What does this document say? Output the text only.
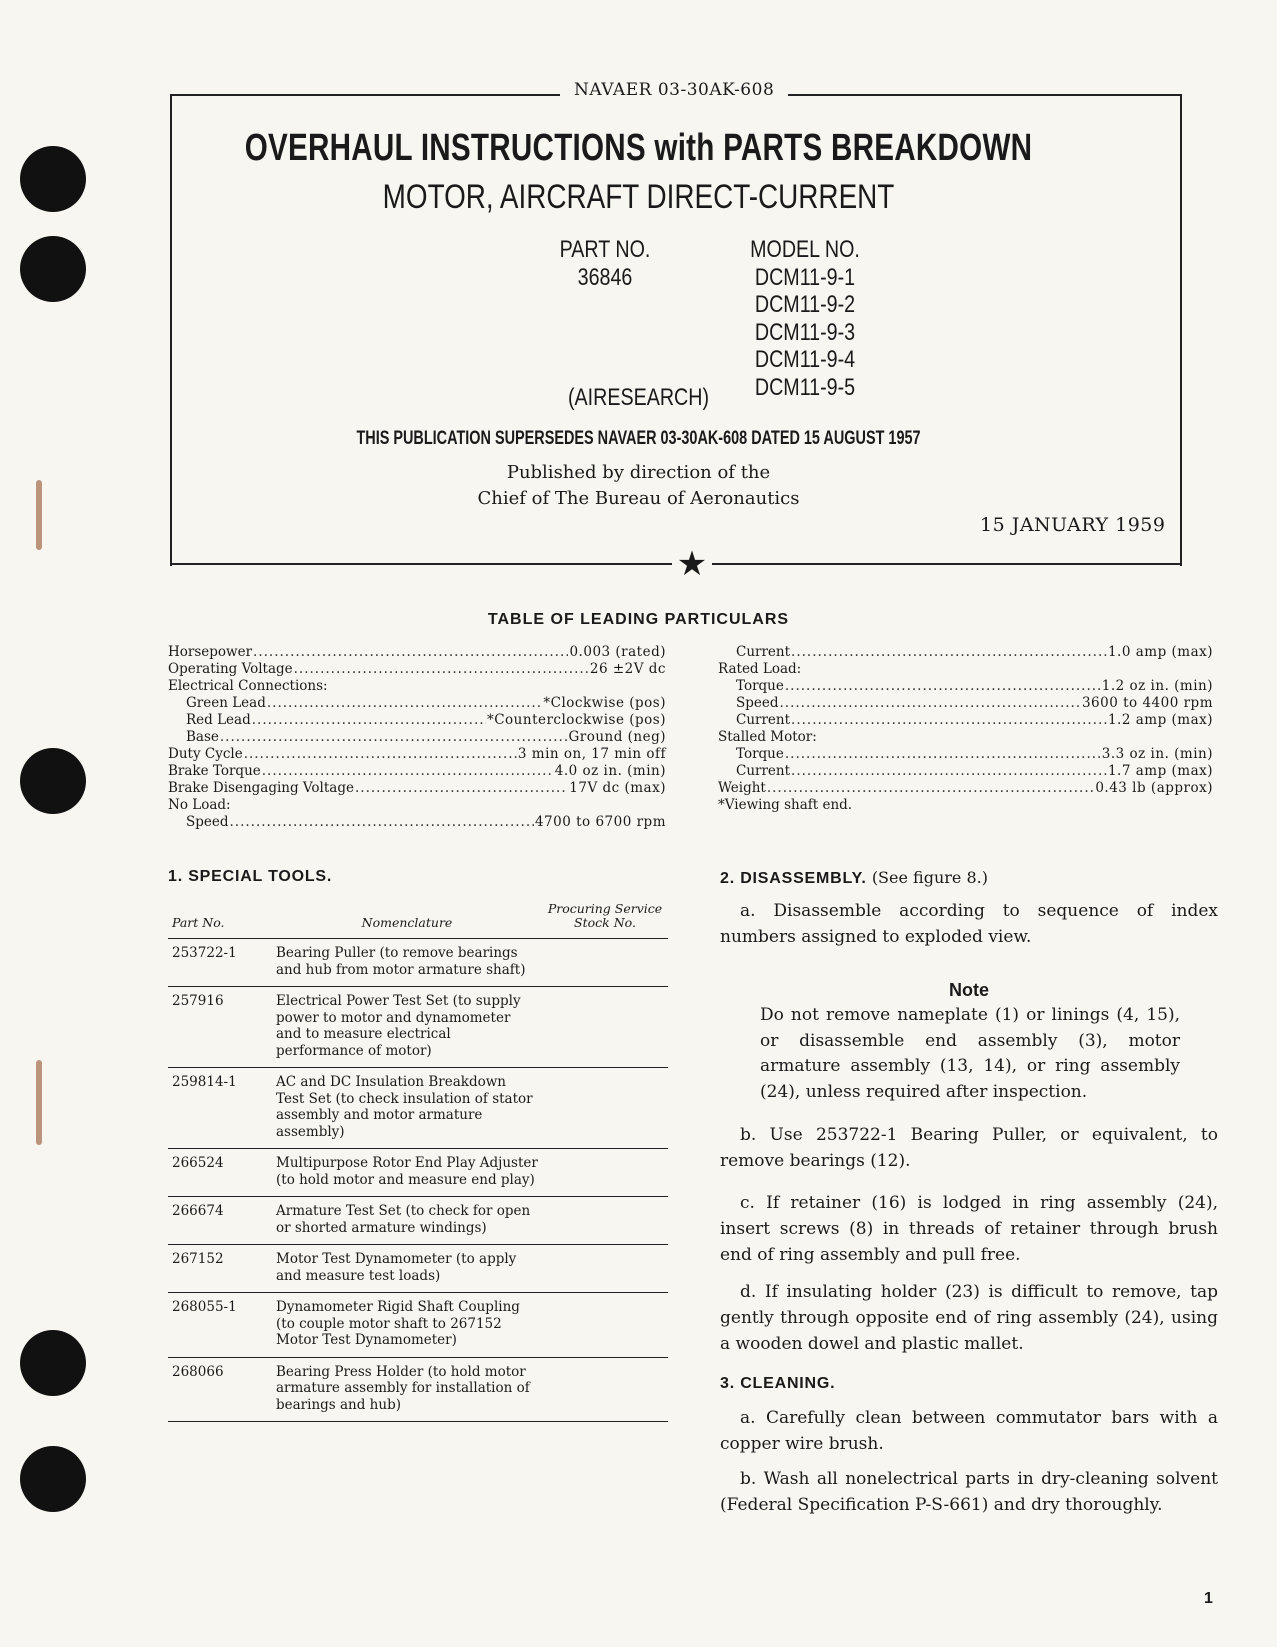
NAVAER 03-30AK-608
OVERHAUL INSTRUCTIONS with PARTS BREAKDOWN
MOTOR, AIRCRAFT DIRECT-CURRENT
PART NO.
36846
MODEL NO.
DCM11-9-1
DCM11-9-2
DCM11-9-3
DCM11-9-4
DCM11-9-5
(AIRESEARCH)
THIS PUBLICATION SUPERSEDES NAVAER 03-30AK-608 DATED 15 AUGUST 1957
Published by direction of the
Chief of The Bureau of Aeronautics
15 JANUARY 1959
★
TABLE OF LEADING PARTICULARS
Horsepower .....	0.003 (rated)
Operating Voltage .....	26 ±2V dc
Electrical Connections:
Green Lead .....	*Clockwise (pos)
Red Lead .....	*Counterclockwise (pos)
Base .....	Ground (neg)
Duty Cycle .....	3 min on, 17 min off
Brake Torque .....	4.0 oz in. (min)
Brake Disengaging Voltage .....	17V dc (max)
No Load:
Speed .....	4700 to 6700 rpm
Current .....	1.0 amp (max)
Rated Load:
Torque .....	1.2 oz in. (min)
Speed .....	3600 to 4400 rpm
Current .....	1.2 amp (max)
Stalled Motor:
Torque .....	3.3 oz in. (min)
Current .....	1.7 amp (max)
Weight .....	0.43 lb (approx)
*Viewing shaft end.
1. SPECIAL TOOLS.
Part No.	Nomenclature	Procuring Service Stock No.
253722-1	Bearing Puller (to remove bearings and hub from motor armature shaft)	
257916	Electrical Power Test Set (to supply power to motor and dynamometer and to measure electrical performance of motor)	
259814-1	AC and DC Insulation Breakdown Test Set (to check insulation of stator assembly and motor armature assembly)	
266524	Multipurpose Rotor End Play Adjuster (to hold motor and measure end play)	
266674	Armature Test Set (to check for open or shorted armature windings)	
267152	Motor Test Dynamometer (to apply and measure test loads)	
268055-1	Dynamometer Rigid Shaft Coupling (to couple motor shaft to 267152 Motor Test Dynamometer)	
268066	Bearing Press Holder (to hold motor armature assembly for installation of bearings and hub)	
2. DISASSEMBLY. (See figure 8.)
a. Disassemble according to sequence of index numbers assigned to exploded view.
Note
Do not remove nameplate (1) or linings (4, 15), or disassemble end assembly (3), motor armature assembly (13, 14), or ring assembly (24), unless required after inspection.
b. Use 253722-1 Bearing Puller, or equivalent, to remove bearings (12).
c. If retainer (16) is lodged in ring assembly (24), insert screws (8) in threads of retainer through brush end of ring assembly and pull free.
d. If insulating holder (23) is difficult to remove, tap gently through opposite end of ring assembly (24), using a wooden dowel and plastic mallet.
3. CLEANING.
a. Carefully clean between commutator bars with a copper wire brush.
b. Wash all nonelectrical parts in dry-cleaning solvent (Federal Specification P-S-661) and dry thoroughly.
1
